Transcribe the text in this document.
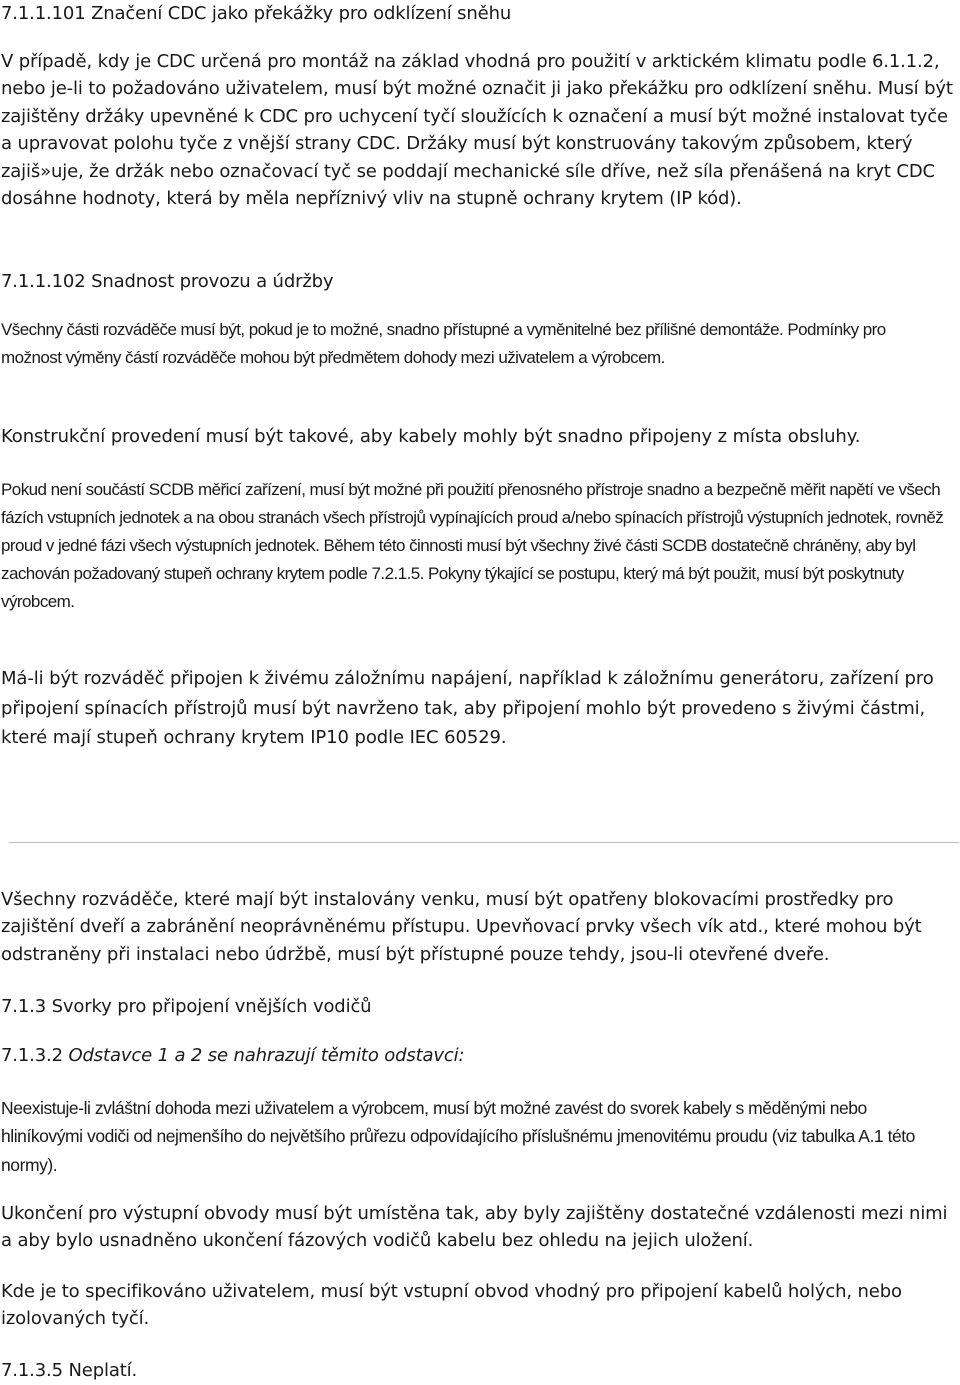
7.1.1.101 Značení CDC jako překážky pro odklízení sněhu

V případě, kdy je CDC určená pro montáž na základ vhodná pro použití v arktickém klimatu podle 6.1.1.2, nebo je-li to požadováno uživatelem, musí být možné označit ji jako překážku pro odklízení sněhu. Musí být zajištěny držáky upevněné k CDC pro uchycení tyčí sloužících k označení a musí být možné instalovat tyče a upravovat polohu tyče z vnější strany CDC. Držáky musí být konstruovány takovým způsobem, který zajiš»uje, že držák nebo označovací tyč se poddají mechanické síle dříve, než síla přenášená na kryt CDC dosáhne hodnoty, která by měla nepříznivý vliv na stupně ochrany krytem (IP kód).

7.1.1.102 Snadnost provozu a údržby

Všechny části rozváděče musí být, pokud je to možné, snadno přístupné a vyměnitelné bez přílišné demontáže. Podmínky pro možnost výměny částí rozváděče mohou být předmětem dohody mezi uživatelem a výrobcem.

Konstrukční provedení musí být takové, aby kabely mohly být snadno připojeny z místa obsluhy.

Pokud není součástí SCDB měřicí zařízení, musí být možné při použití přenosného přístroje snadno a bezpečně měřit napětí ve všech fázích vstupních jednotek a na obou stranách všech přístrojů vypínajících proud a/nebo spínacích přístrojů výstupních jednotek, rovněž proud v jedné fázi všech výstupních jednotek. Během této činnosti musí být všechny živé části SCDB dostatečně chráněny, aby byl zachován požadovaný stupeň ochrany krytem podle 7.2.1.5. Pokyny týkající se postupu, který má být použit, musí být poskytnuty výrobcem.

Má-li být rozváděč připojen k živému záložnímu napájení, například k záložnímu generátoru, zařízení pro připojení spínacích přístrojů musí být navrženo tak, aby připojení mohlo být provedeno s živými částmi, které mají stupeň ochrany krytem IP10 podle IEC 60529.

Všechny rozváděče, které mají být instalovány venku, musí být opatřeny blokovacími prostředky pro zajištění dveří a zabránění neoprávněnému přístupu. Upevňovací prvky všech vík atd., které mohou být odstraněny při instalaci nebo údržbě, musí být přístupné pouze tehdy, jsou-li otevřené dveře.

7.1.3 Svorky pro připojení vnějších vodičů
7.1.3.2 Odstavce 1 a 2 se nahrazují těmito odstavci:

Neexistuje-li zvláštní dohoda mezi uživatelem a výrobcem, musí být možné zavést do svorek kabely s měděnými nebo hliníkovými vodiči od nejmenšího do největšího průřezu odpovídajícího příslušnému jmenovitému proudu (viz tabulka A.1 této normy).

Ukončení pro výstupní obvody musí být umístěna tak, aby byly zajištěny dostatečné vzdálenosti mezi nimi a aby bylo usnadněno ukončení fázových vodičů kabelu bez ohledu na jejich uložení.

Kde je to specifikováno uživatelem, musí být vstupní obvod vhodný pro připojení kabelů holých, nebo izolovaných tyčí.

7.1.3.5 Neplatí.
